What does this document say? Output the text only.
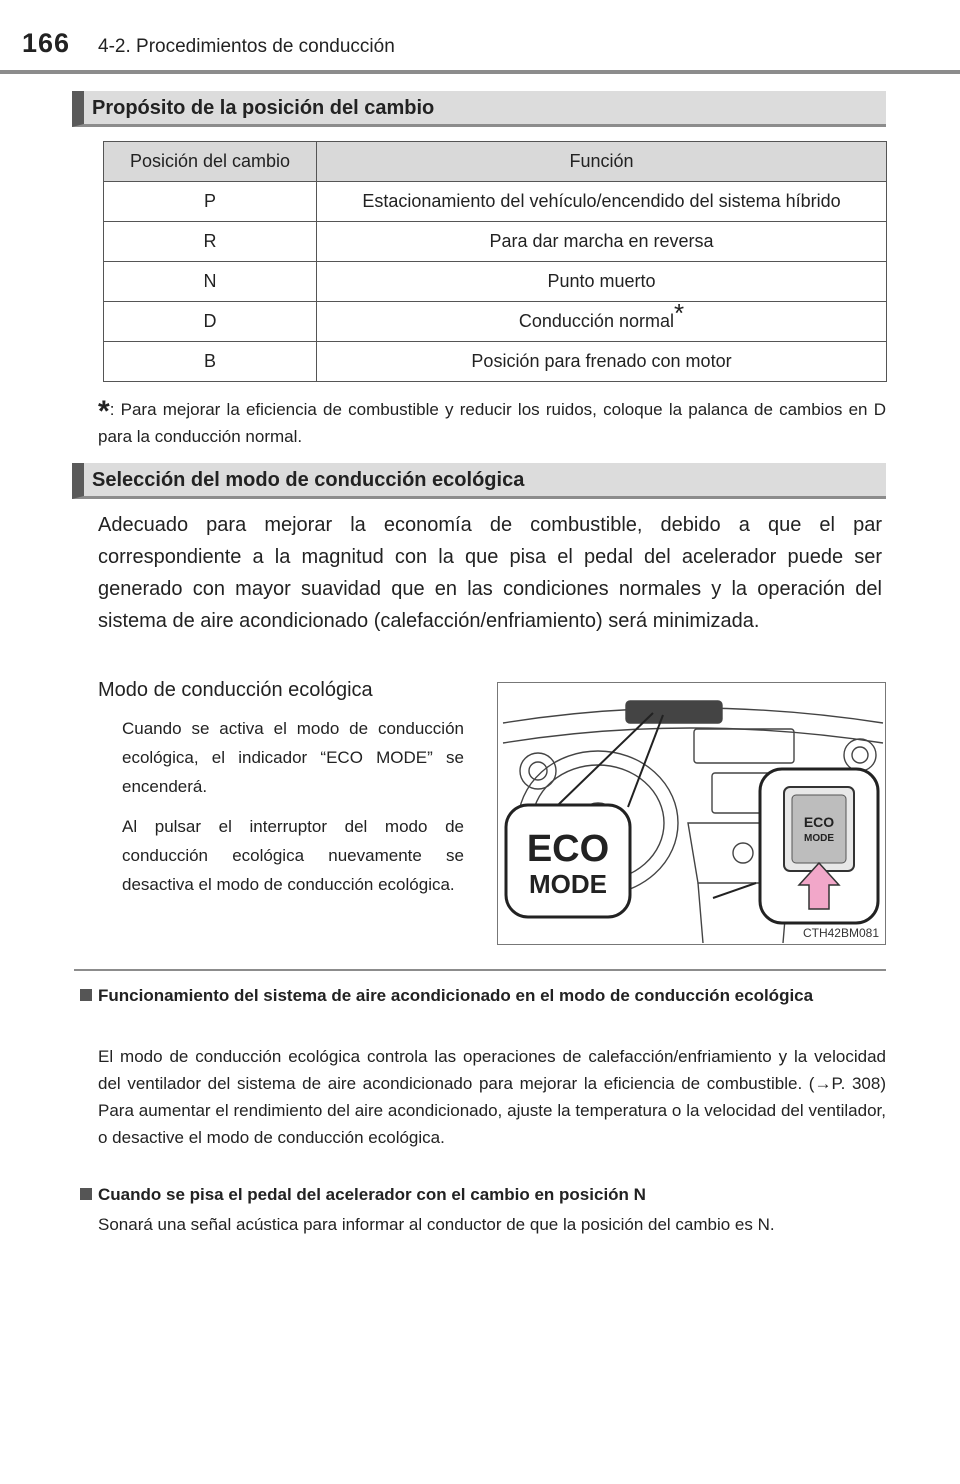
166 4-2. Procedimientos de conducción
Propósito de la posición del cambio
Posición del cambio	Función
P	Estacionamiento del vehículo/encendido del sistema híbrido
R	Para dar marcha en reversa
N	Punto muerto
D	Conducción normal*
B	Posición para frenado con motor
*: Para mejorar la eficiencia de combustible y reducir los ruidos, coloque la palanca de cambios en D para la conducción normal.
Selección del modo de conducción ecológica
Adecuado para mejorar la economía de combustible, debido a que el par correspondiente a la magnitud con la que pisa el pedal del acelerador puede ser generado con mayor suavidad que en las condiciones normales y la operación del sistema de aire acondicionado (calefacción/enfriamiento) será minimizada.
Modo de conducción ecológica
Cuando se activa el modo de conducción ecológica, el indicador “ECO MODE” se encenderá.
Al pulsar el interruptor del modo de conducción ecológica nuevamente se desactiva el modo de conducción ecológica.
ECO
MODE
ECO
MODE
CTH42BM081
Funcionamiento del sistema de aire acondicionado en el modo de conducción ecológica
El modo de conducción ecológica controla las operaciones de calefacción/enfriamiento y la velocidad del ventilador del sistema de aire acondicionado para mejorar la eficiencia de combustible. (→P. 308) Para aumentar el rendimiento del aire acondicionado, ajuste la temperatura o la velocidad del ventilador, o desactive el modo de conducción ecológica.
Cuando se pisa el pedal del acelerador con el cambio en posición N
Sonará una señal acústica para informar al conductor de que la posición del cambio es N.
